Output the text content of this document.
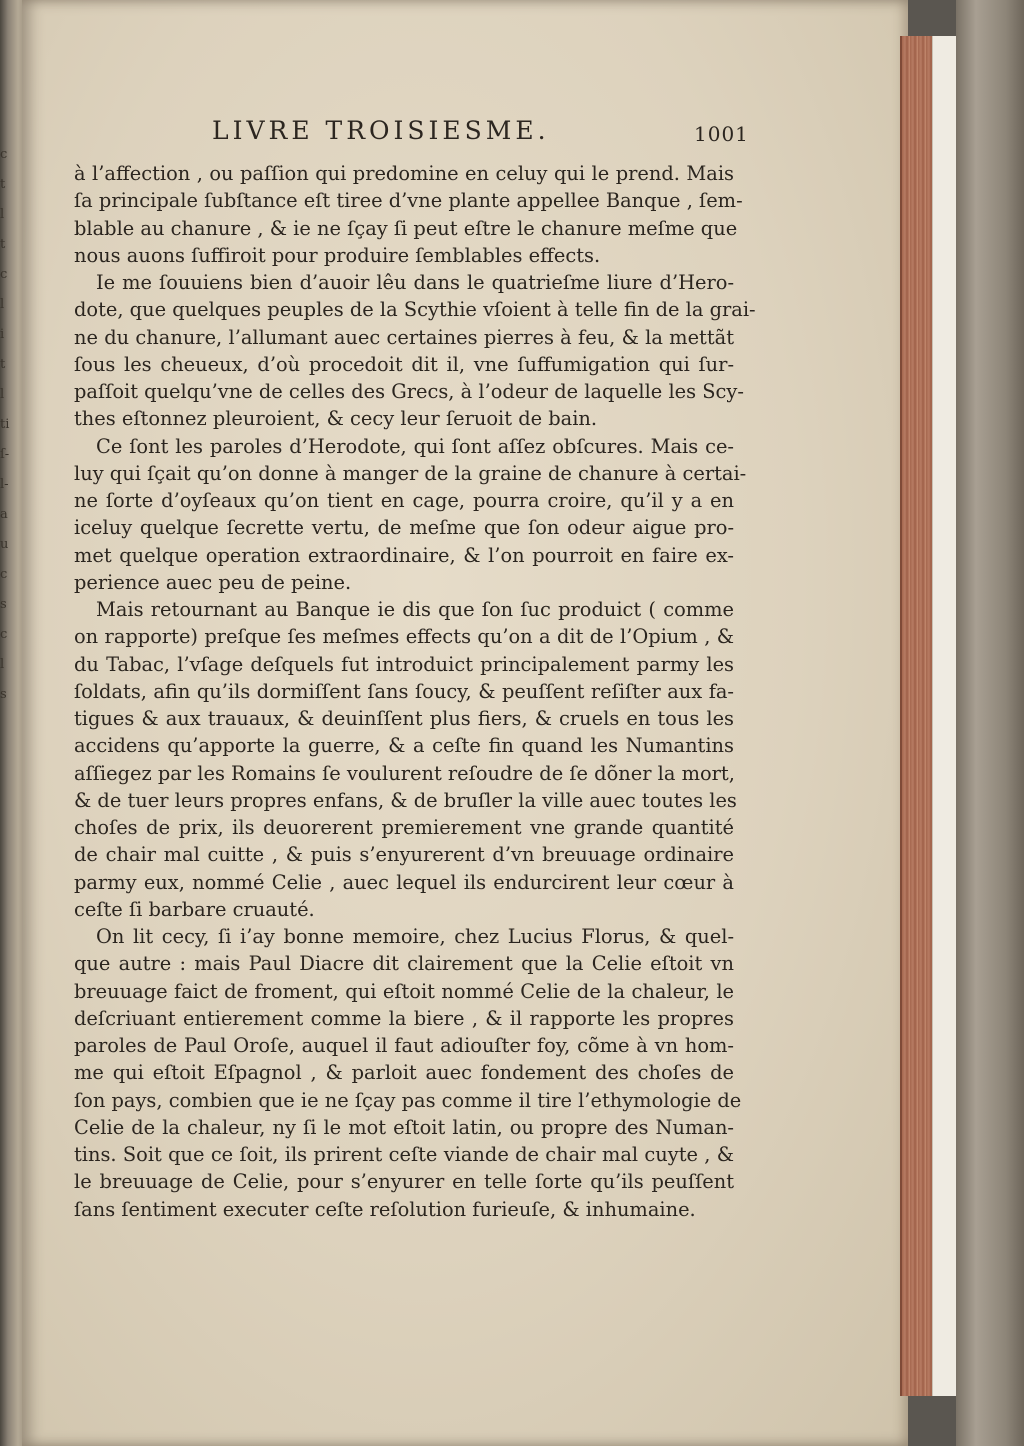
c
t
l
t
c
l
i
t
l
ti
ſ-
l-
a
u
c
s
c
l
s
LIVRE TROISIESME.	1001
à l’affection , ou paſſion qui predomine en celuy qui le prend. Mais
ſa principale ſubſtance eſt tiree d’vne plante appellee Banque , ſem-
blable au chanure , & ie ne ſçay ſi peut eſtre le chanure meſme que
nous auons ſuffiroit pour produire ſemblables effects.
Ie me ſouuiens bien d’auoir lêu dans le quatrieſme liure d’Hero-
dote, que quelques peuples de la Scythie vſoient à telle fin de la grai-
ne du chanure, l’allumant auec certaines pierres à feu, & la mettãt
ſous les cheueux, d’où procedoit dit il, vne ſuffumigation qui ſur-
paſſoit quelqu’vne de celles des Grecs, à l’odeur de laquelle les Scy-
thes eſtonnez pleuroient, & cecy leur ſeruoit de bain.
Ce ſont les paroles d’Herodote, qui ſont aſſez obſcures. Mais ce-
luy qui ſçait qu’on donne à manger de la graine de chanure à certai-
ne ſorte d’oyſeaux qu’on tient en cage, pourra croire, qu’il y a en
iceluy quelque ſecrette vertu, de meſme que ſon odeur aigue pro-
met quelque operation extraordinaire, & l’on pourroit en faire ex-
perience auec peu de peine.
Mais retournant au Banque ie dis que ſon ſuc produict ( comme
on rapporte) preſque ſes meſmes effects qu’on a dit de l’Opium , &
du Tabac, l’vſage deſquels fut introduict principalement parmy les
ſoldats, afin qu’ils dormiſſent ſans ſoucy, & peuſſent reſiſter aux fa-
tigues & aux trauaux, & deuinſſent plus fiers, & cruels en tous les
accidens qu’apporte la guerre, & a ceſte fin quand les Numantins
aſſiegez par les Romains ſe voulurent reſoudre de ſe dõner la mort,
& de tuer leurs propres enfans, & de bruſler la ville auec toutes les
choſes de prix, ils deuorerent premierement vne grande quantité
de chair mal cuitte , & puis s’enyurerent d’vn breuuage ordinaire
parmy eux, nommé Celie , auec lequel ils endurcirent leur cœur à
ceſte ſi barbare cruauté.
On lit cecy, ſi i’ay bonne memoire, chez Lucius Florus, & quel-
que autre : mais Paul Diacre dit clairement que la Celie eſtoit vn
breuuage faict de froment, qui eſtoit nommé Celie de la chaleur, le
deſcriuant entierement comme la biere , & il rapporte les propres
paroles de Paul Oroſe, auquel il faut adiouſter foy, cõme à vn hom-
me qui eſtoit Eſpagnol , & parloit auec fondement des choſes de
ſon pays, combien que ie ne ſçay pas comme il tire l’ethymologie de
Celie de la chaleur, ny ſi le mot eſtoit latin, ou propre des Numan-
tins. Soit que ce ſoit, ils prirent ceſte viande de chair mal cuyte , &
le breuuage de Celie, pour s’enyurer en telle ſorte qu’ils peuſſent
ſans ſentiment executer ceſte reſolution furieuſe, & inhumaine.
